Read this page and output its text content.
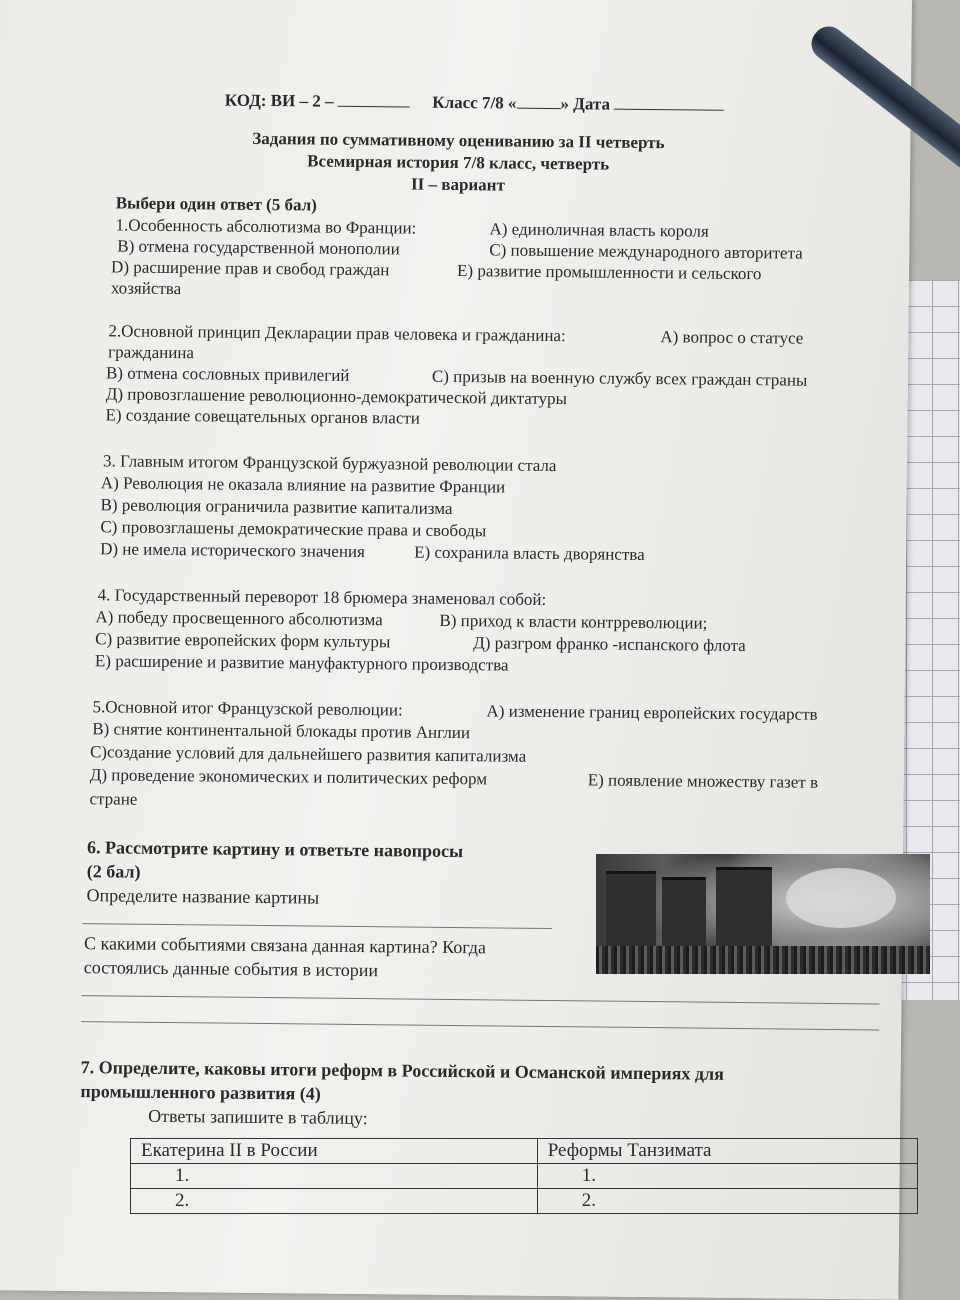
КОД: ВИ – 2 –	Класс 7/8 «	» Дата
Задания по суммативному оцениванию за II четверть
Всемирная история 7/8 класс, четверть
II – вариант
Выбери один ответ (5 бал)
1.Особенность абсолютизма во Франции:	А) единоличная власть короля
В) отмена государственной монополии	С) повышение международного авторитета
D) расширение прав и свобод граждан	Е) развитие промышленности и сельского
хозяйства
2.Основной принцип Декларации прав человека и гражданина:	А) вопрос о статусе
гражданина
В) отмена сословных привилегий	С) призыв на военную службу всех граждан страны
Д) провозглашение революционно-демократической диктатуры
Е) создание совещательных органов власти
3. Главным итогом Французской буржуазной революции стала
А) Революция не оказала влияние на развитие Франции
В) революция ограничила развитие капитализма
С) провозглашены демократические права и свободы
D) не имела исторического значения	Е) сохранила власть дворянства
4. Государственный переворот 18 брюмера знаменовал собой:
А) победу просвещенного абсолютизма	В) приход к власти контрреволюции;
С) развитие европейских форм культуры	Д) разгром франко -испанского флота
Е) расширение и развитие мануфактурного производства
5.Основной итог Французской революции:	А) изменение границ европейских государств
В) снятие континентальной блокады против Англии
С)создание условий для дальнейшего развития капитализма
Д) проведение экономических и политических реформ	Е) появление множеству газет в
стране
6. Рассмотрите картину и ответьте навопросы
(2 бал)
Определите название картины
С какими событиями связана данная картина? Когда
состоялись данные события в истории
7. Определите, каковы итоги реформ в Российской и Османской империях для
промышленного развития (4)
Ответы запишите в таблицу:
Екатерина II в России	Реформы Танзимата
1.	1.
2.	2.
